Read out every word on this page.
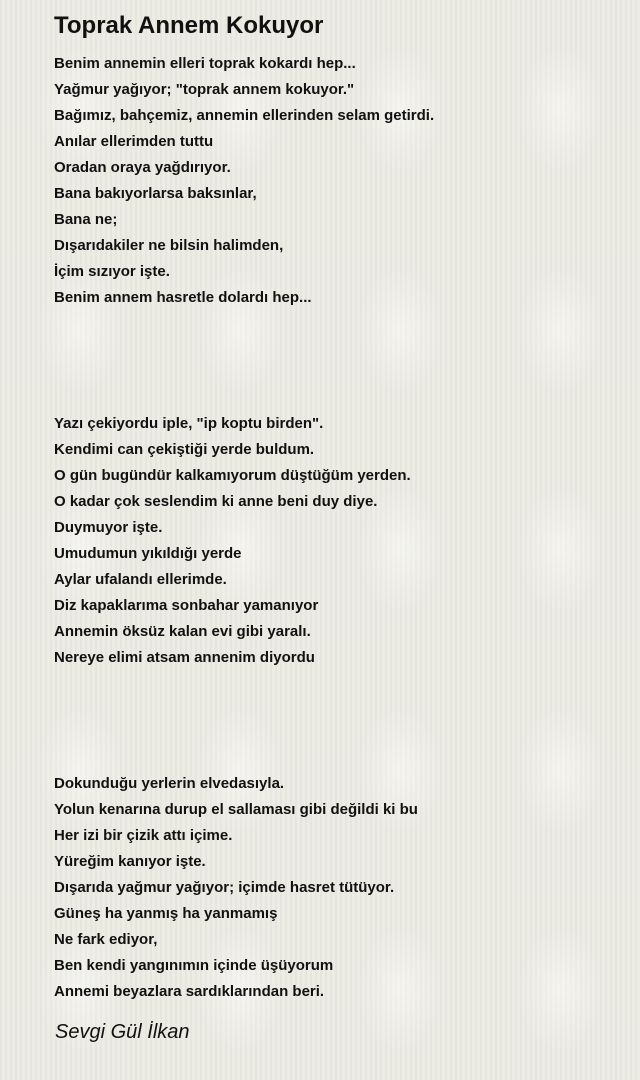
Toprak Annem Kokuyor
Benim annemin elleri toprak kokardı hep...
Yağmur yağıyor; "toprak annem kokuyor."
Bağımız, bahçemiz, annemin ellerinden selam getirdi.
Anılar ellerimden tuttu
Oradan oraya yağdırıyor.
Bana bakıyorlarsa baksınlar,
Bana ne;
Dışarıdakiler ne bilsin halimden,
İçim sızıyor işte.
Benim annem hasretle dolardı hep...
Yazı çekiyordu iple, "ip koptu birden".
Kendimi can çekiştiği yerde buldum.
O gün bugündür kalkamıyorum düştüğüm yerden.
O kadar çok seslendim ki anne beni duy diye.
Duymuyor işte.
Umudumun yıkıldığı yerde
Aylar ufalandı ellerimde.
Diz kapaklarıma sonbahar yamanıyor
Annemin öksüz kalan evi gibi yaralı.
Nereye elimi atsam annenim diyordu
Dokunduğu yerlerin elvedasıyla.
Yolun kenarına durup el sallaması gibi değildi ki bu
Her izi bir çizik attı içime.
Yüreğim kanıyor işte.
Dışarıda yağmur yağıyor; içimde hasret tütüyor.
Güneş ha yanmış ha yanmamış
Ne fark ediyor,
Ben kendi yangınımın içinde üşüyorum
Annemi beyazlara sardıklarından beri.

Sevgi Gül İlkan
